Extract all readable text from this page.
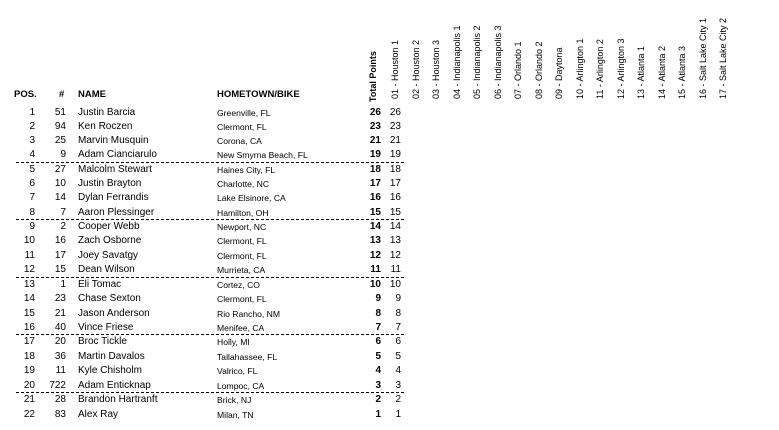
POS. # NAME	HOMETOWN/BIKE	Total Points 01 - Houston 1 02 - Houston 2 03 - Houston 3 04 - Indianapolis 1 05 - Indianapolis 2 06 - Indianapolis 3 07 - Orlando 1 08 - Orlando 2 09 - Daytona 10 - Arlington 1 11 - Arlington 2 12 - Arlington 3 13 - Atlanta 1 14 - Atlanta 2 15 - Atlanta 3 16 - Salt Lake City 1 17 - Salt Lake City 2
1	51 Justin Barcia	Greenville, FL	26 26
2	94 Ken Roczen	Clermont, FL	23 23
3	25 Marvin Musquin	Corona, CA	21 21
4	9 Adam Cianciarulo	New Smyrna Beach, FL	19 19
5	27 Malcolm Stewart	Haines City, FL	18 18
6	10 Justin Brayton	Charlotte, NC	17 17
7	14 Dylan Ferrandis	Lake Elsinore, CA	16 16
8	7 Aaron Plessinger	Hamilton, OH	15 15
9	2 Cooper Webb	Newport, NC	14 14
10	16 Zach Osborne	Clermont, FL	13 13
11	17 Joey Savatgy	Clermont, FL	12 12
12	15 Dean Wilson	Murrieta, CA	11 11
13	1 Eli Tomac	Cortez, CO	10 10
14	23 Chase Sexton	Clermont, FL	9	9
15	21 Jason Anderson	Rio Rancho, NM	8	8
16	40 Vince Friese	Menifee, CA	7	7
17	20 Broc Tickle	Holly, MI	6	6
18	36 Martin Davalos	Tallahassee, FL	5	5
19	11 Kyle Chisholm	Valrico, FL	4	4
20	722 Adam Enticknap	Lompoc, CA	3	3
21	28 Brandon Hartranft	Brick, NJ	2	2
22	83 Alex Ray	Milan, TN	1	1
